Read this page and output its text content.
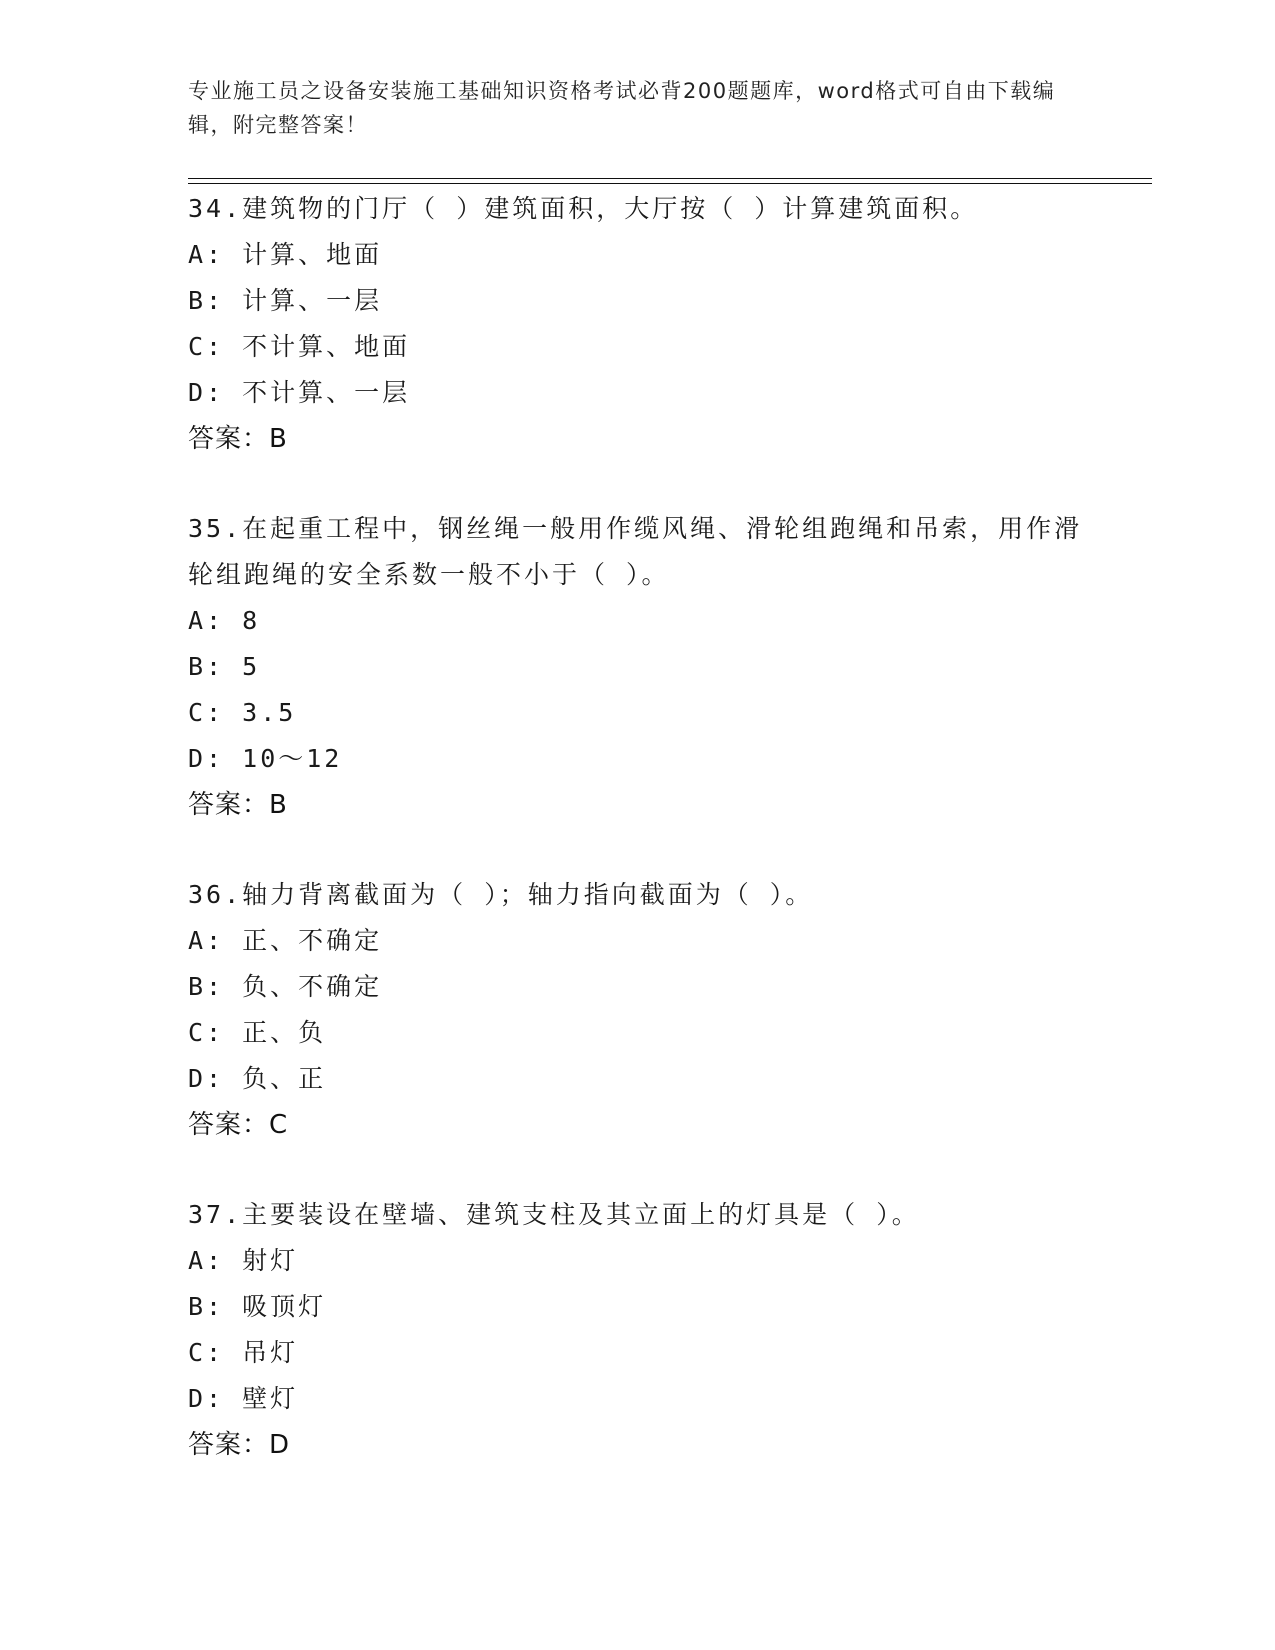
专业施工员之设备安装施工基础知识资格考试必背200题题库，word格式可自由下载编辑，附完整答案！

34.建筑物的门厅（ ）建筑面积，大厅按（ ）计算建筑面积。

A: 计算、地面
B: 计算、一层
C: 不计算、地面
D: 不计算、一层

答案：B

35.在起重工程中，钢丝绳一般用作缆风绳、滑轮组跑绳和吊索，用作滑轮组跑绳的安全系数一般不小于（ ）。

A: 8
B: 5
C: 3.5
D: 10～12

答案：B

36.轴力背离截面为（ ）；轴力指向截面为（ ）。

A: 正、不确定
B: 负、不确定
C: 正、负
D: 负、正

答案：C

37.主要装设在壁墙、建筑支柱及其立面上的灯具是（ ）。

A: 射灯
B: 吸顶灯
C: 吊灯
D: 壁灯

答案：D
